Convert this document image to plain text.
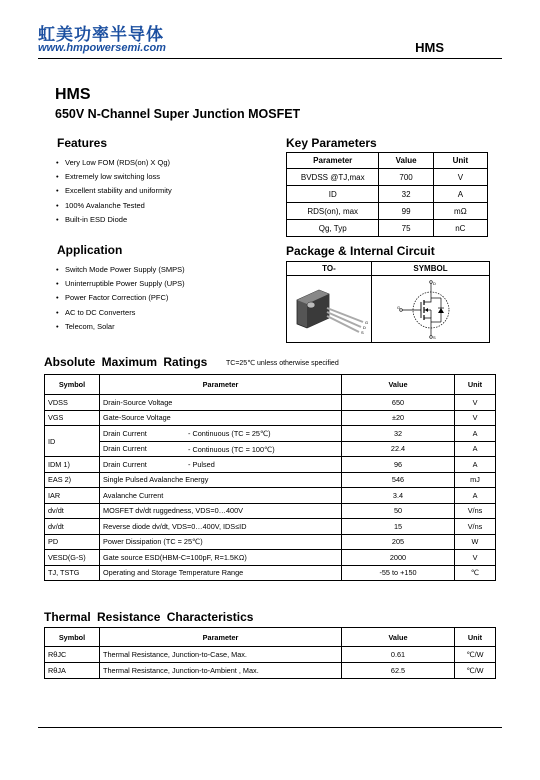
虹美功率半导体
www.hmpowersemi.com	HMS
HMS
650V N-Channel Super Junction MOSFET
Features
• Very Low FOM (RDS(on) X Qg)
• Extremely low switching loss
• Excellent stability and uniformity
• 100% Avalanche Tested
• Built-in ESD Diode
Application
• Switch Mode Power Supply (SMPS)
• Uninterruptible Power Supply (UPS)
• Power Factor Correction (PFC)
• AC to DC Converters
• Telecom, Solar
Key Parameters
Parameter	Value	Unit
BVDSS @TJ,max	700	V
ID	32	A
RDS(on), max	99	mΩ
Qg, Typ	75	nC
Package & Internal Circuit
TO-	SYMBOL
G
D
S
G
D
S
Absolute Maximum Ratings	TC=25℃ unless otherwise specified
Symbol	Parameter	Value	Unit
VDSS	Drain-Source Voltage	650	V
VGS	Gate-Source Voltage	±20	V
ID	Drain Current - Continuous (TC = 25℃)	32	A
	Drain Current - Continuous (TC = 100℃)	22.4	A
IDM 1)	Drain Current - Pulsed	96	A
EAS 2)	Single Pulsed Avalanche Energy	546	mJ
IAR	Avalanche Current	3.4	A
dv/dt	MOSFET dv/dt ruggedness, VDS=0…400V	50	V/ns
dv/dt	Reverse diode dv/dt, VDS=0…400V, IDS≤ID	15	V/ns
PD	Power Dissipation (TC = 25℃)	205	W
VESD(G-S)	Gate source ESD(HBM-C=100pF, R=1.5KΩ)	2000	V
TJ, TSTG	Operating and Storage Temperature Range	-55 to +150	℃
Thermal Resistance Characteristics
Symbol	Parameter	Value	Unit
RθJC	Thermal Resistance, Junction-to-Case, Max.	0.61	℃/W
RθJA	Thermal Resistance, Junction-to-Ambient , Max.	62.5	℃/W
